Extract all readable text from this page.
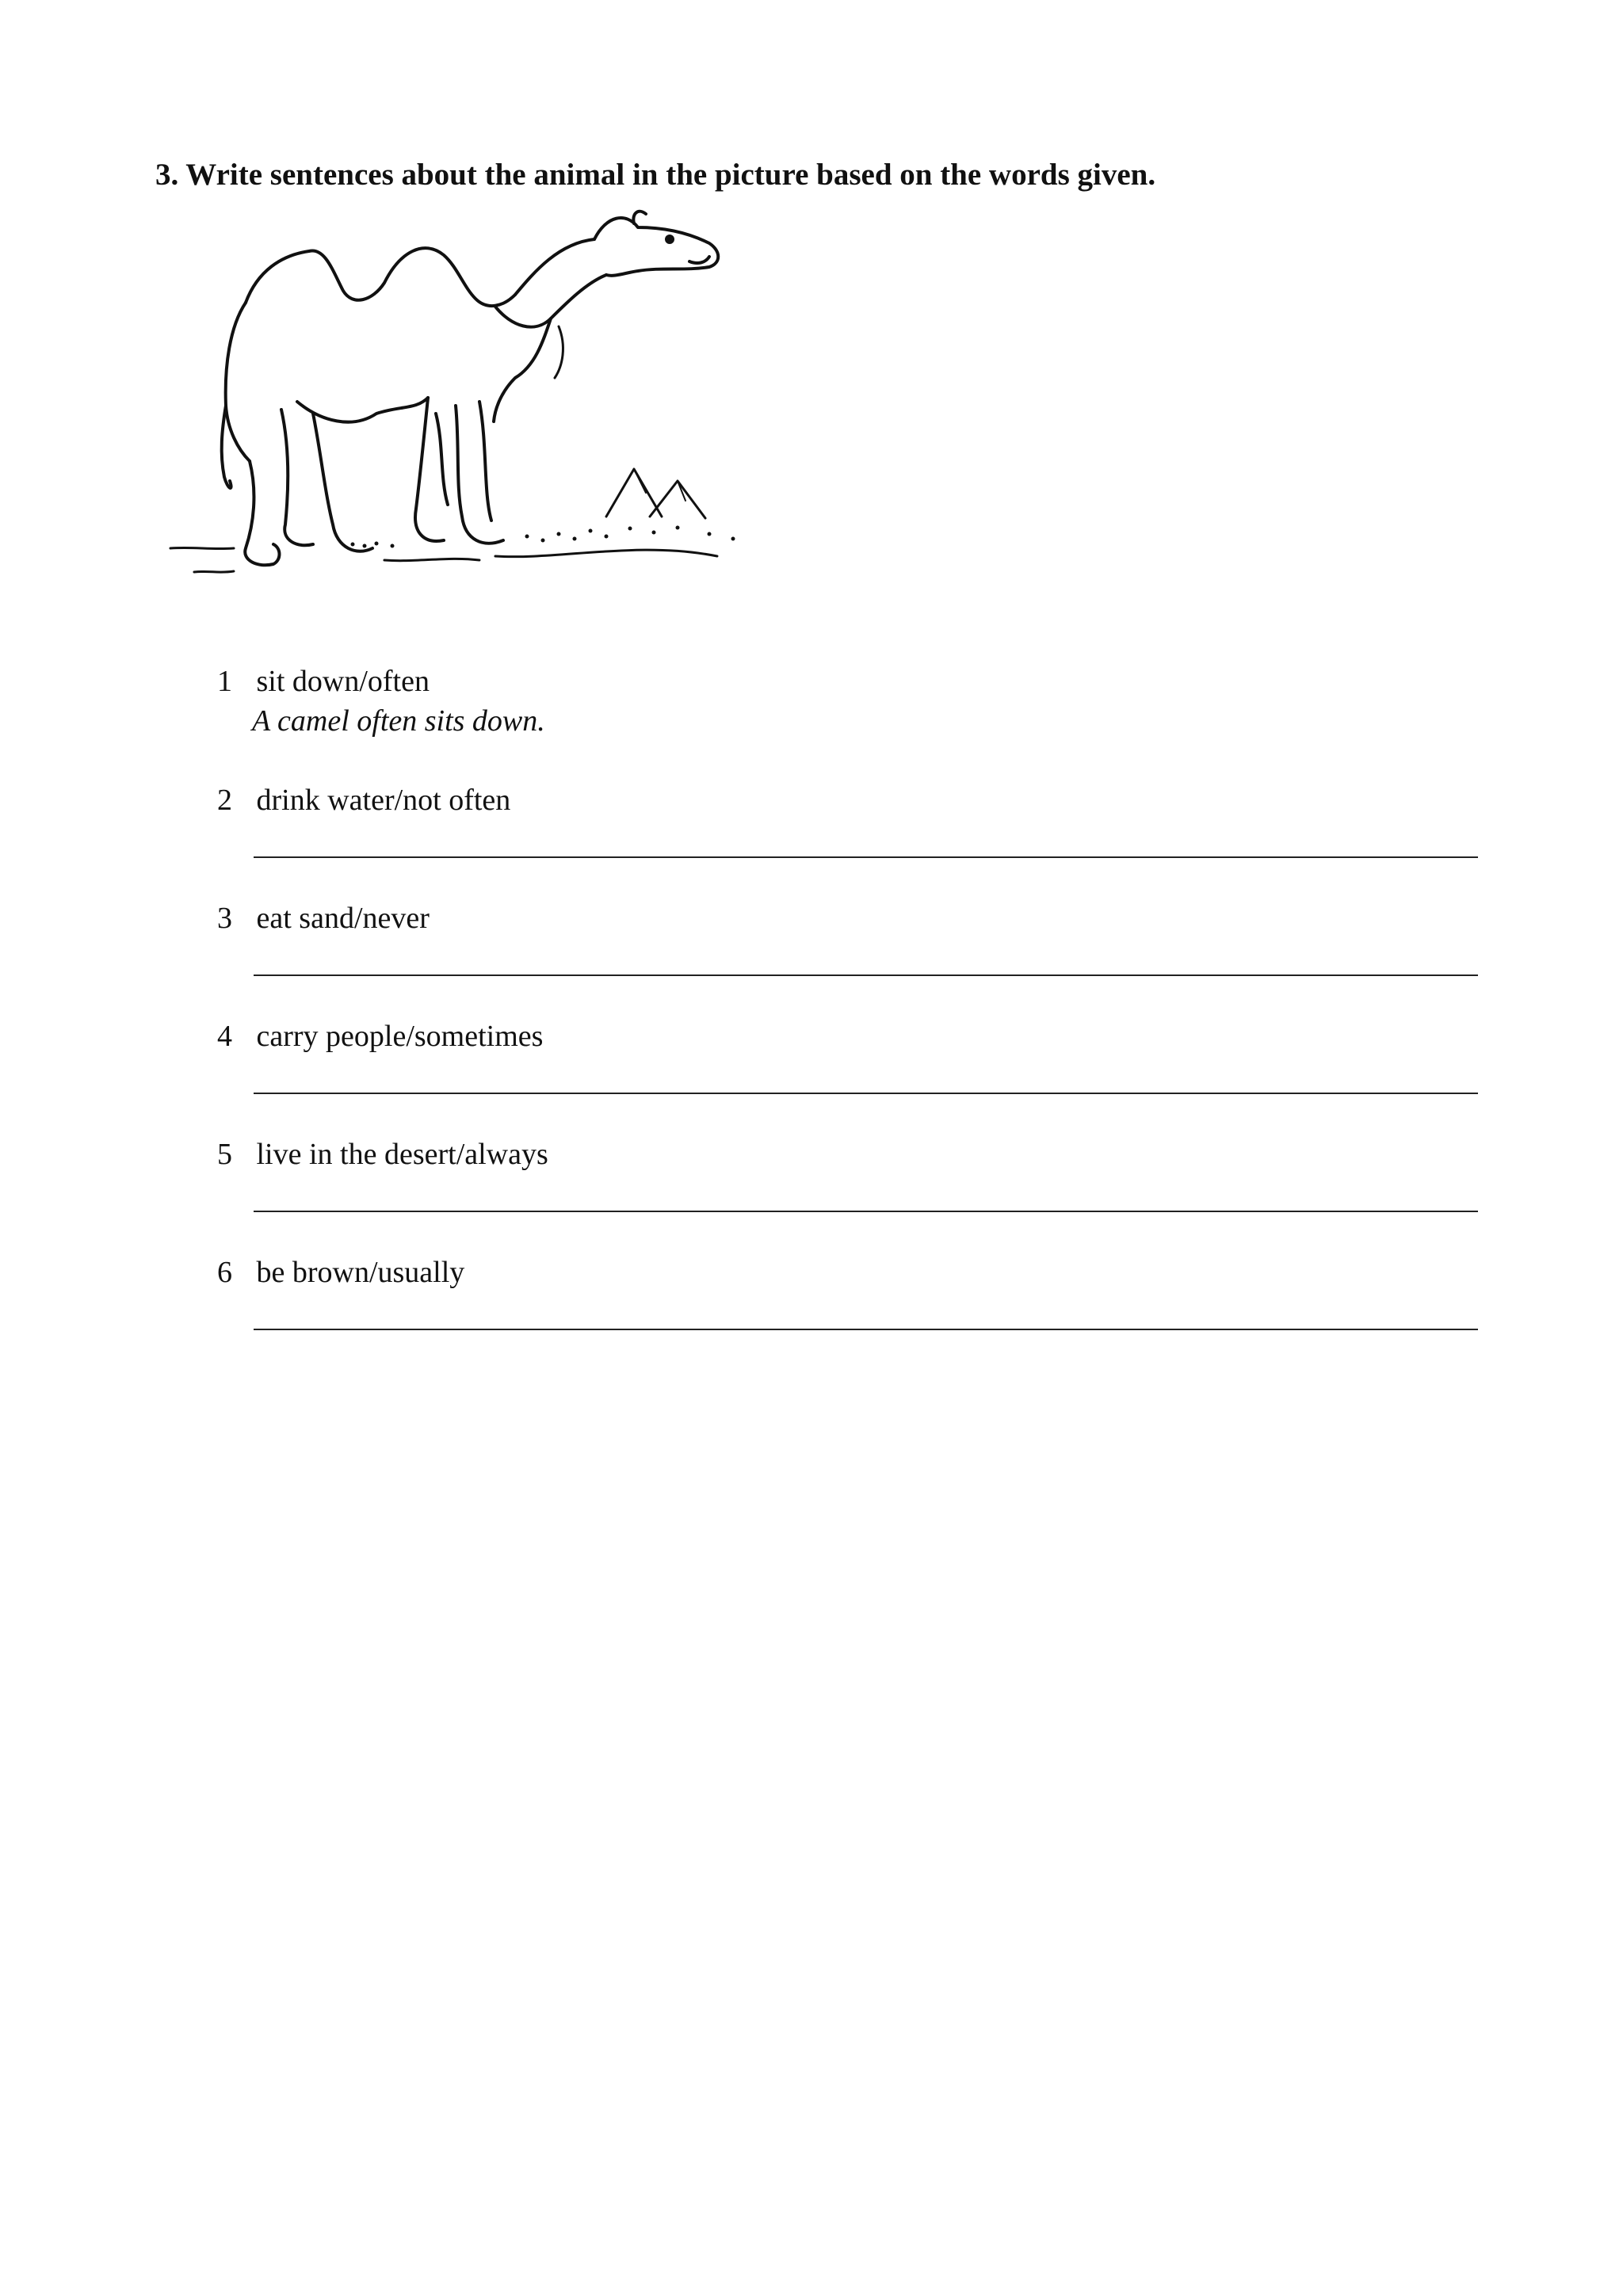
3. Write sentences about the animal in the picture based on the words given.
1 sit down/often
A camel often sits down.
2 drink water/not often
3 eat sand/never
4 carry people/sometimes
5 live in the desert/always
6 be brown/usually
